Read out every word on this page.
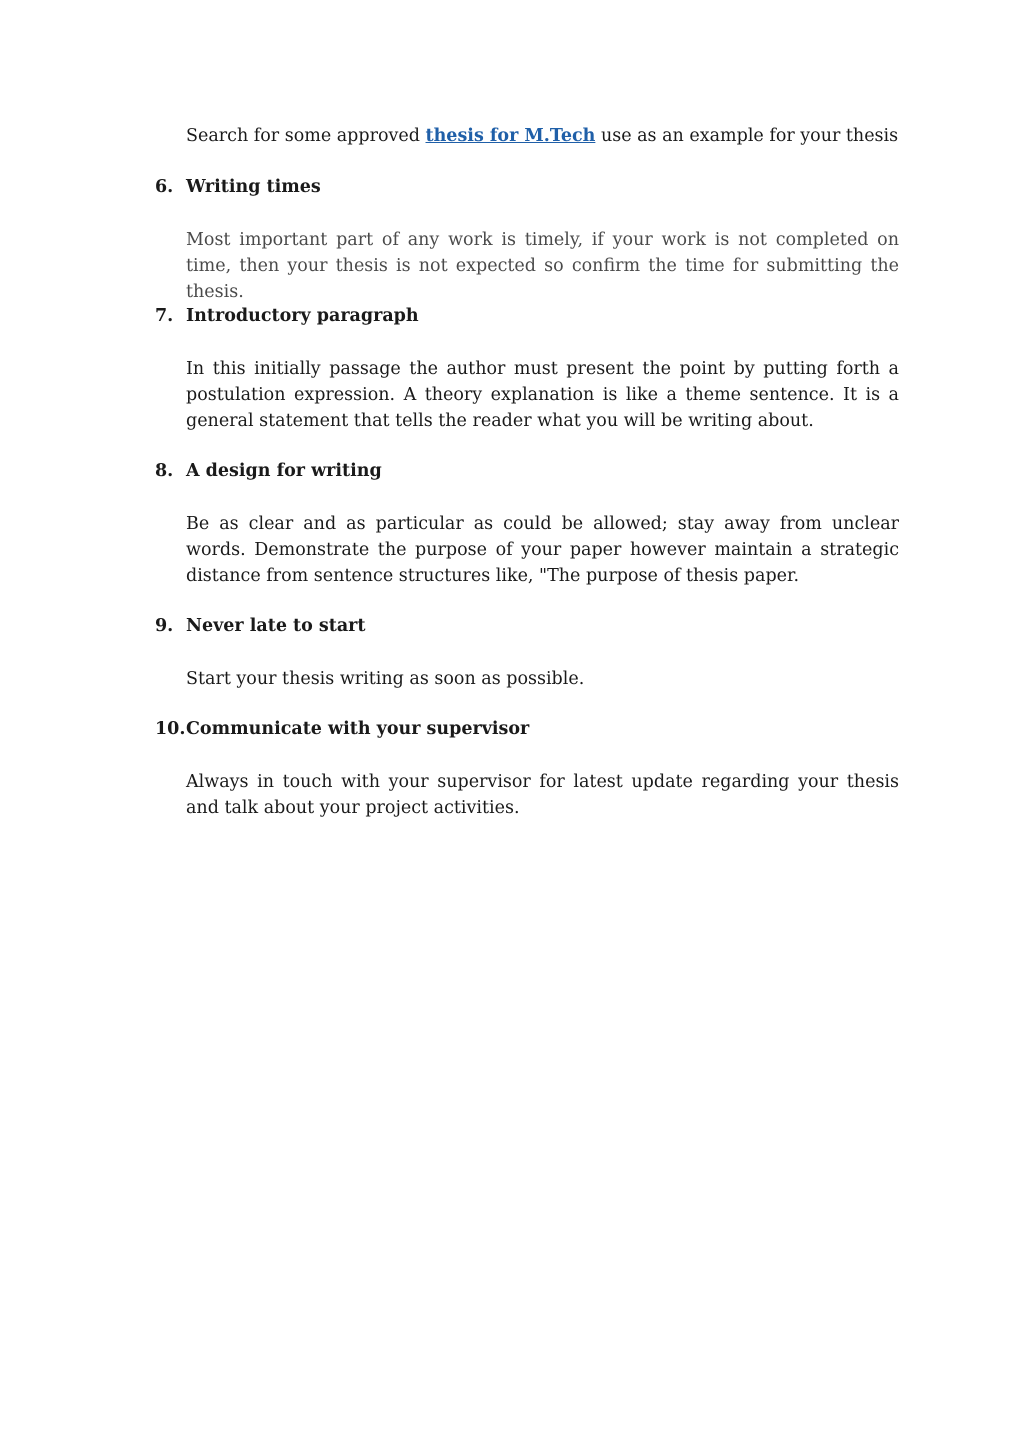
Search for some approved thesis for M.Tech use as an example for your thesis
6. Writing times
Most important part of any work is timely, if your work is not completed on time, then your thesis is not expected so confirm the time for submitting the thesis.
7. Introductory paragraph
In this initially passage the author must present the point by putting forth a postulation expression. A theory explanation is like a theme sentence. It is a general statement that tells the reader what you will be writing about.
8. A design for writing
Be as clear and as particular as could be allowed; stay away from unclear words. Demonstrate the purpose of your paper however maintain a strategic distance from sentence structures like, "The purpose of thesis paper.
9. Never late to start
Start your thesis writing as soon as possible.
10. Communicate with your supervisor
Always in touch with your supervisor for latest update regarding your thesis and talk about your project activities.
